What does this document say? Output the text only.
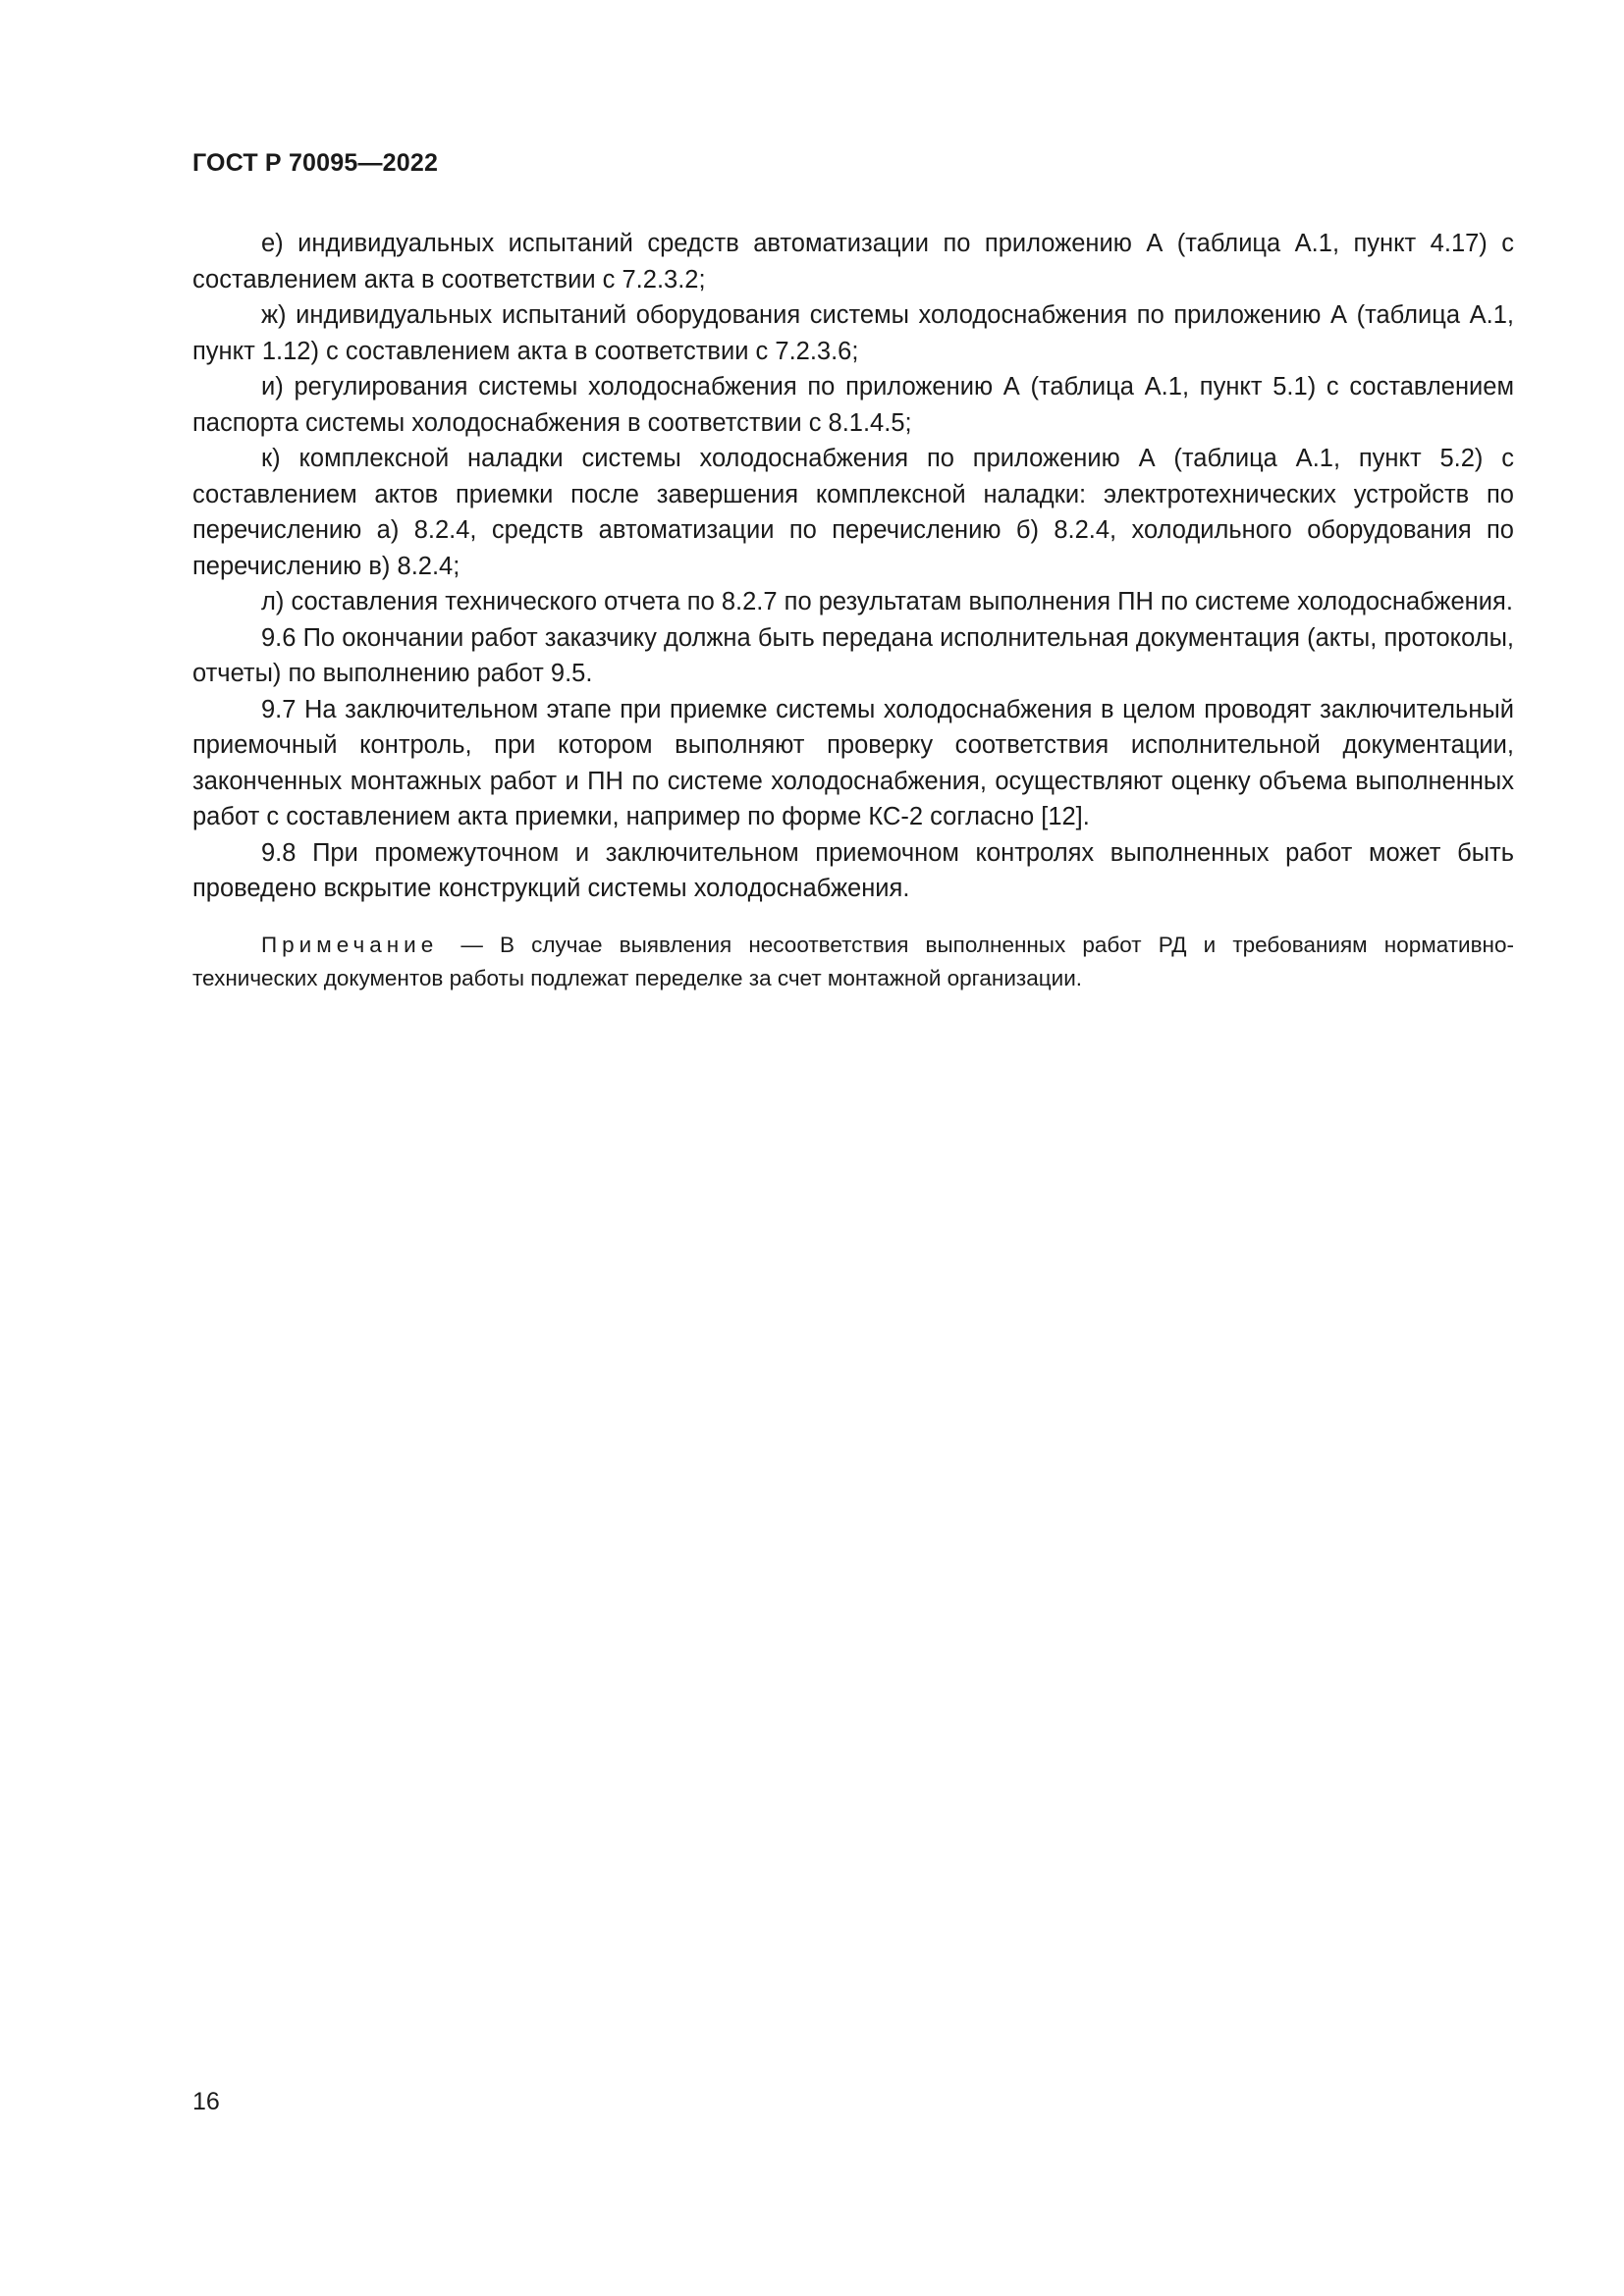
ГОСТ Р 70095—2022

е) индивидуальных испытаний средств автоматизации по приложению А (таблица А.1, пункт 4.17) с составлением акта в соответствии с 7.2.3.2;

ж) индивидуальных испытаний оборудования системы холодоснабжения по приложению А (таблица А.1, пункт 1.12) с составлением акта в соответствии с 7.2.3.6;

и) регулирования системы холодоснабжения по приложению А (таблица А.1, пункт 5.1) с составлением паспорта системы холодоснабжения в соответствии с 8.1.4.5;

к) комплексной наладки системы холодоснабжения по приложению А (таблица А.1, пункт 5.2) с составлением актов приемки после завершения комплексной наладки: электротехнических устройств по перечислению а) 8.2.4, средств автоматизации по перечислению б) 8.2.4, холодильного оборудования по перечислению в) 8.2.4;

л) составления технического отчета по 8.2.7 по результатам выполнения ПН по системе холодоснабжения.

9.6 По окончании работ заказчику должна быть передана исполнительная документация (акты, протоколы, отчеты) по выполнению работ 9.5.

9.7 На заключительном этапе при приемке системы холодоснабжения в целом проводят заключительный приемочный контроль, при котором выполняют проверку соответствия исполнительной документации, законченных монтажных работ и ПН по системе холодоснабжения, осуществляют оценку объема выполненных работ с составлением акта приемки, например по форме КС-2 согласно [12].

9.8 При промежуточном и заключительном приемочном контролях выполненных работ может быть проведено вскрытие конструкций системы холодоснабжения.

Примечание — В случае выявления несоответствия выполненных работ РД и требованиям нормативно-технических документов работы подлежат переделке за счет монтажной организации.

16
